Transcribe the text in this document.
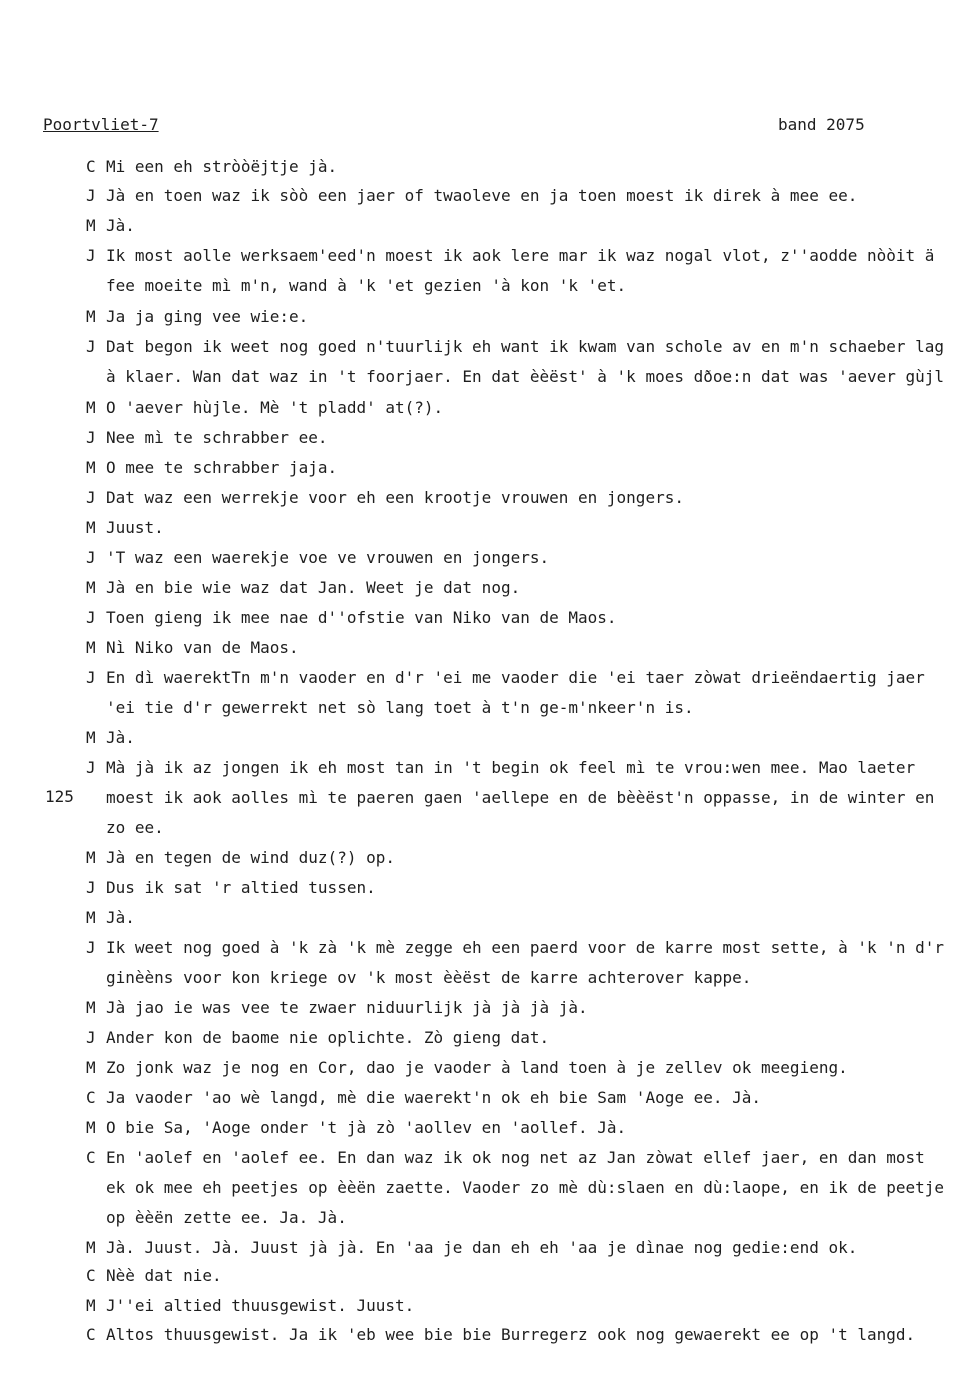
Poortvliet-7	band 2075
125
C Mi een eh stròòëjtje jà.
J Jà en toen waz ik sòò een jaer of twaoleve en ja toen moest ik direk à mee ee.
M Jà.
J Ik most aolle werksaem'eed'n moest ik aok lere mar ik waz nogal vlot, z''aodde nòòit ä
fee moeite mì m'n, wand à 'k 'et gezien 'à kon 'k 'et.
M Ja ja ging vee wie:e.
J Dat begon ik weet nog goed n'tuurlijk eh want ik kwam van schole av en m'n schaeber lag
à klaer. Wan dat waz in 't foorjaer. En dat èèëst' à 'k moes dðoe:n dat was 'aever gùjl
M O 'aever hùjle. Mè 't pladd' at(?).
J Nee mì te schrabber ee.
M O mee te schrabber jaja.
J Dat waz een werrekje voor eh een krootje vrouwen en jongers.
M Juust.
J 'T waz een waerekje voe ve vrouwen en jongers.
M Jà en bie wie waz dat Jan. Weet je dat nog.
J Toen gieng ik mee nae d''ofstie van Niko van de Maos.
M Nì Niko van de Maos.
J En dì waerektTn m'n vaoder en d'r 'ei me vaoder die 'ei taer zòwat drieëndaertig jaer
'ei tie d'r gewerrekt net sò lang toet à t'n ge-m'nkeer'n is.
M Jà.
J Mà jà ik az jongen ik eh most tan in 't begin ok feel mì te vrou:wen mee. Mao laeter
moest ik aok aolles mì te paeren gaen 'aellepe en de bèèëst'n oppasse, in de winter en
zo ee.
M Jà en tegen de wind duz(?) op.
J Dus ik sat 'r altied tussen.
M Jà.
J Ik weet nog goed à 'k zà 'k mè zegge eh een paerd voor de karre most sette, à 'k 'n d'r
ginèèns voor kon kriege ov 'k most èèëst de karre achterover kappe.
M Jà jao ie was vee te zwaer niduurlijk jà jà jà jà.
J Ander kon de baome nie oplichte. Zò gieng dat.
M Zo jonk waz je nog en Cor, dao je vaoder à land toen à je zellev ok meegieng.
C Ja vaoder 'ao wè langd, mè die waerekt'n ok eh bie Sam 'Aoge ee. Jà.
M O bie Sa, 'Aoge onder 't jà zò 'aollev en 'aollef. Jà.
C En 'aolef en 'aolef ee. En dan waz ik ok nog net az Jan zòwat ellef jaer, en dan most
ek ok mee eh peetjes op èèën zaette. Vaoder zo mè dù:slaen en dù:laope, en ik de peetje
op èèën zette ee. Ja. Jà.
M Jà. Juust. Jà. Juust jà jà. En 'aa je dan eh eh 'aa je dìnae nog gedie:end ok.
C Nèè dat nie.
M J''ei altied thuusgewist. Juust.
C Altos thuusgewist. Ja ik 'eb wee bie bie Burregerz ook nog gewaerekt ee op 't langd.
